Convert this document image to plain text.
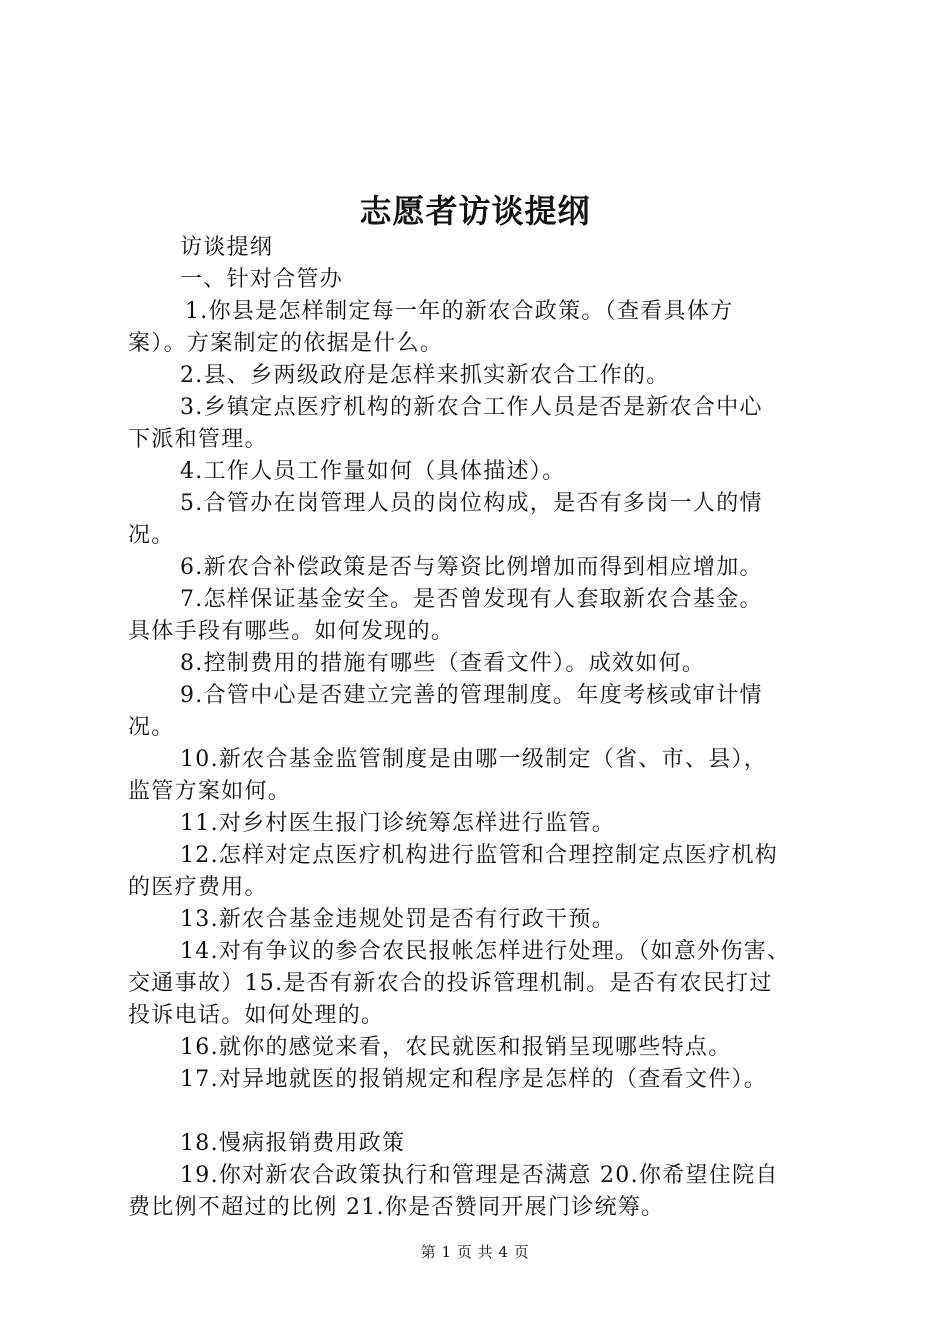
志愿者访谈提纲

访谈提纲

一、针对合管办

1.你县是怎样制定每一年的新农合政策。（查看具体方

案）。方案制定的依据是什么。

2.县、乡两级政府是怎样来抓实新农合工作的。

3.乡镇定点医疗机构的新农合工作人员是否是新农合中心

下派和管理。

4.工作人员工作量如何（具体描述）。

5.合管办在岗管理人员的岗位构成，是否有多岗一人的情

况。

6.新农合补偿政策是否与筹资比例增加而得到相应增加。

7.怎样保证基金安全。是否曾发现有人套取新农合基金。

具体手段有哪些。如何发现的。

8.控制费用的措施有哪些（查看文件）。成效如何。

9.合管中心是否建立完善的管理制度。年度考核或审计情

况。

10.新农合基金监管制度是由哪一级制定（省、市、县），

监管方案如何。

11.对乡村医生报门诊统筹怎样进行监管。

12.怎样对定点医疗机构进行监管和合理控制定点医疗机构

的医疗费用。

13.新农合基金违规处罚是否有行政干预。

14.对有争议的参合农民报帐怎样进行处理。（如意外伤害、

交通事故）15.是否有新农合的投诉管理机制。是否有农民打过

投诉电话。如何处理的。

16.就你的感觉来看，农民就医和报销呈现哪些特点。

17.对异地就医的报销规定和程序是怎样的（查看文件）。

18.慢病报销费用政策

19.你对新农合政策执行和管理是否满意 20.你希望住院自

费比例不超过的比例 21.你是否赞同开展门诊统筹。

第 1 页 共 4 页
